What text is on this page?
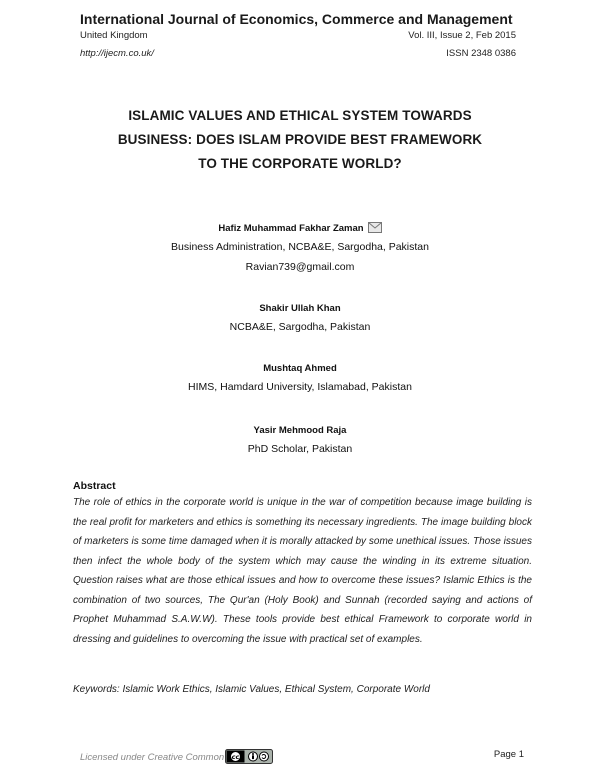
International Journal of Economics, Commerce and Management
United Kingdom	Vol. III, Issue 2, Feb 2015
http://ijecm.co.uk/	ISSN 2348 0386
ISLAMIC VALUES AND ETHICAL SYSTEM TOWARDS
BUSINESS: DOES ISLAM PROVIDE BEST FRAMEWORK
TO THE CORPORATE WORLD?
Hafiz Muhammad Fakhar Zaman
Business Administration, NCBA&E, Sargodha, Pakistan
Ravian739@gmail.com
Shakir Ullah Khan
NCBA&E, Sargodha, Pakistan
Mushtaq Ahmed
HIMS, Hamdard University, Islamabad, Pakistan
Yasir Mehmood Raja
PhD Scholar, Pakistan
Abstract
The role of ethics in the corporate world is unique in the war of competition because image building is the real profit for marketers and ethics is something its necessary ingredients. The image building block of marketers is some time damaged when it is morally attacked by some unethical issues. Those issues then infect the whole body of the system which may cause the winding in its extreme situation. Question raises what are those ethical issues and how to overcome these issues? Islamic Ethics is the combination of two sources, The Qur'an (Holy Book) and Sunnah (recorded saying and actions of Prophet Muhammad S.A.W.W). These tools provide best ethical Framework to corporate world in dressing and guidelines to overcoming the issue with practical set of examples.
Keywords: Islamic Work Ethics, Islamic Values, Ethical System, Corporate World
Licensed under Creative Common cc	Page 1
